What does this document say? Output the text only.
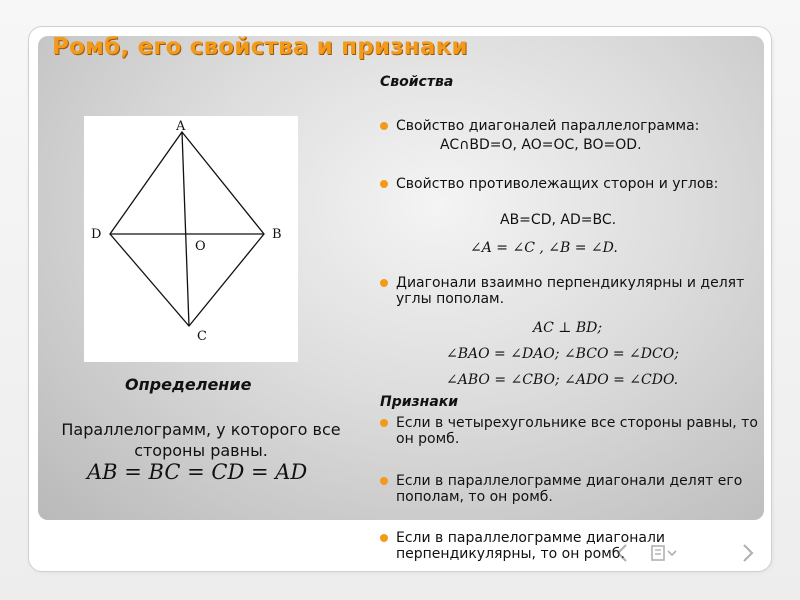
Ромб, его свойства и признаки
A
B
C
D
O
Определение
Параллелограмм, у которого все стороны равны.
AB = BC = CD = AD
Свойства
Свойство диагоналей параллелограмма:
AC∩BD=O, AO=OC, BO=OD.
Свойство противолежащих сторон и углов:
AB=CD, AD=BC.
∠A = ∠C , ∠B = ∠D.
Диагонали взаимно перпендикулярны и делят углы пополам.
AC ⊥ BD;
∠BAO = ∠DAO; ∠BCO = ∠DCO;
∠ABO = ∠CBO; ∠ADO = ∠CDO.
Признаки
Если в четырехугольнике все стороны равны, то он ромб.
Если в параллелограмме диагонали делят его пополам, то он ромб.
Если в параллелограмме диагонали перпендикулярны, то он ромб.
